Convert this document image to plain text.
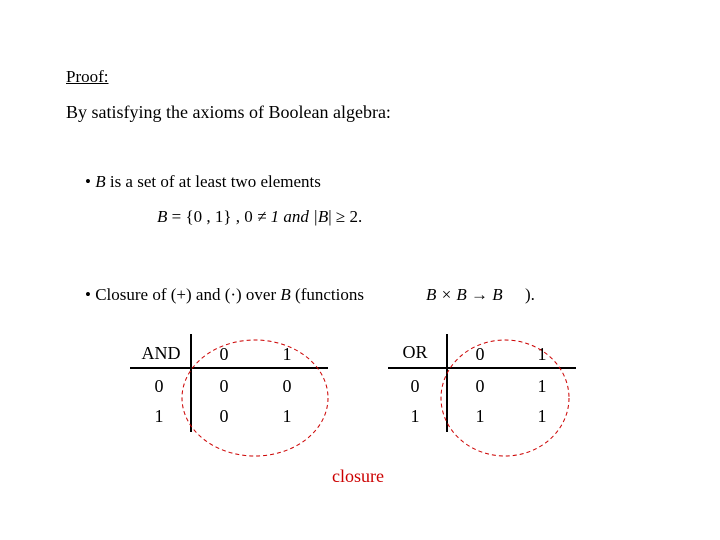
Proof:
By satisfying the axioms of Boolean algebra:
• B is a set of at least two elements
B = {0 , 1} , 0 ≠ 1 and |B| ≥ 2.
• Closure of (+) and (·) over B (functions	B × B → B ).
AND	0	1
0	0	0
1	0	1
OR	0	1
0	0	1
1	1	1
closure
